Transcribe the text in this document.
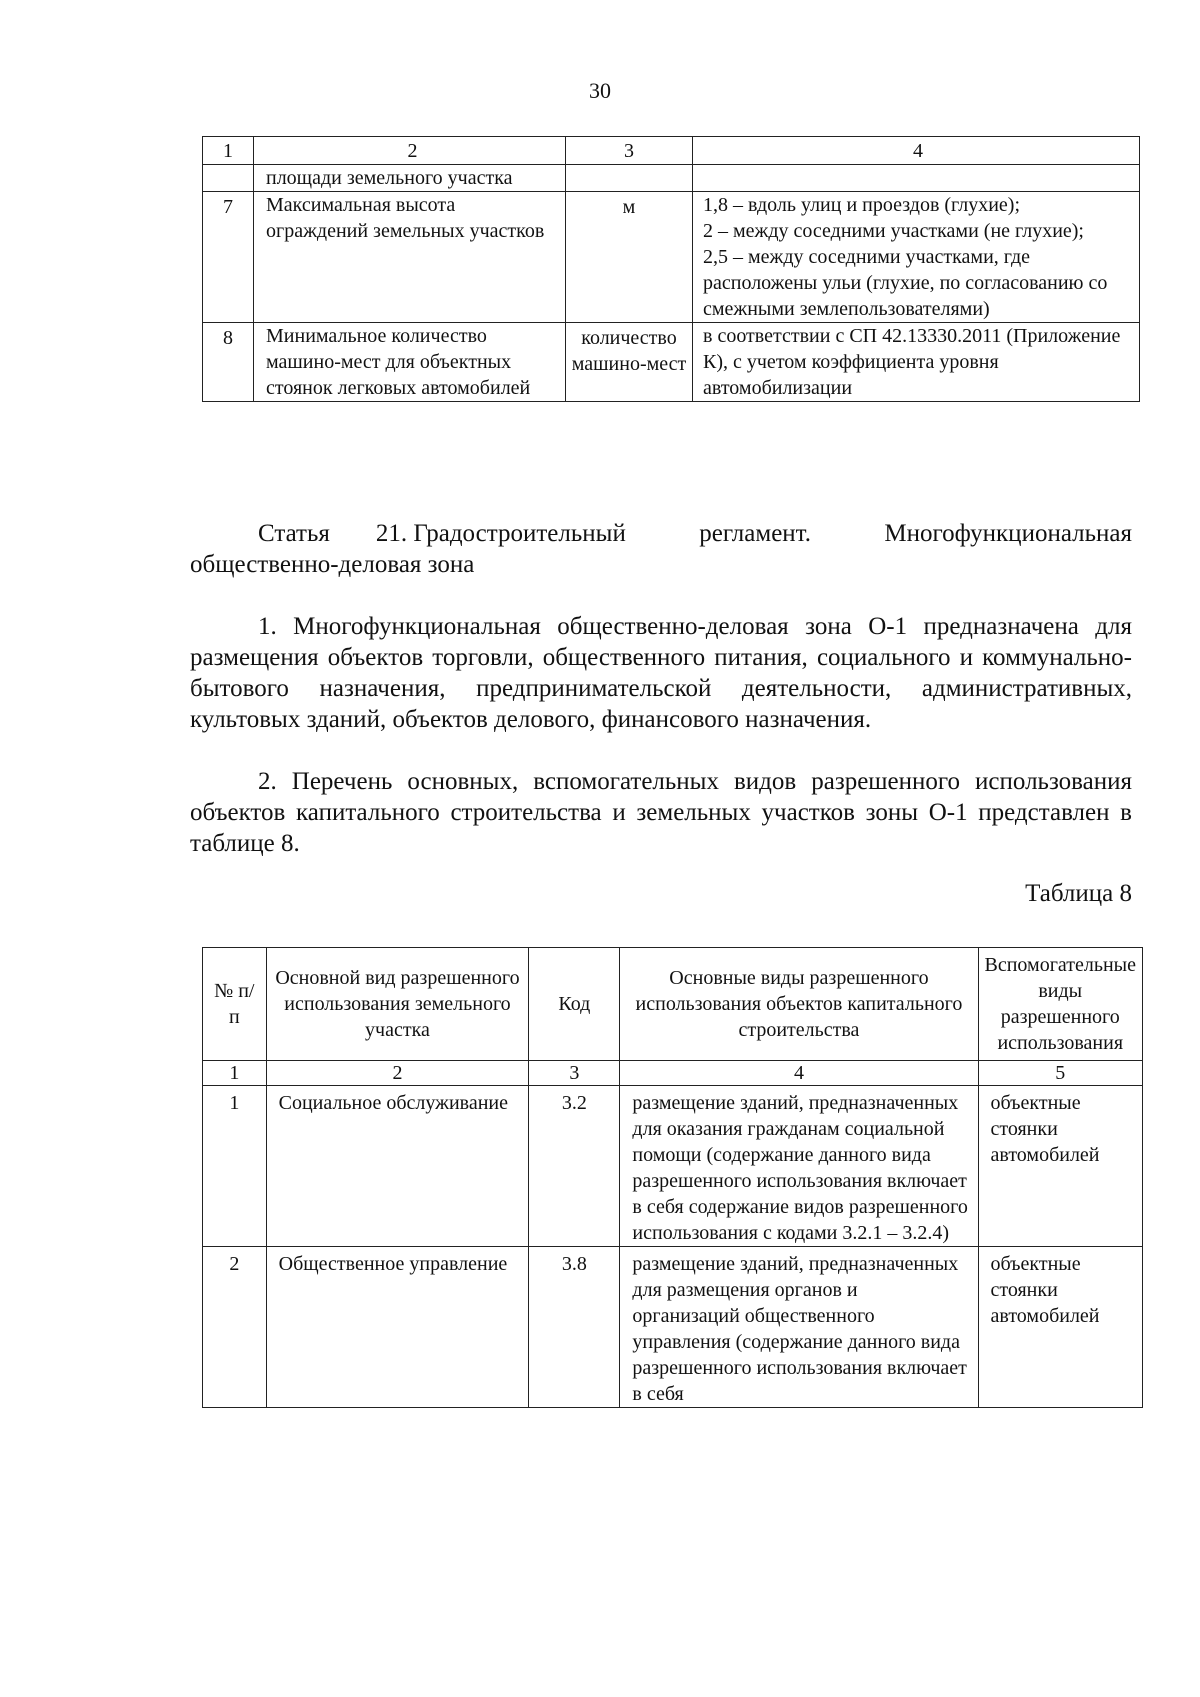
30
1	2	3	4
	площади земельного участка		
7	Максимальная высота ограждений земельных участков	м	1,8 – вдоль улиц и проездов (глухие);
2 – между соседними участками (не глухие);
2,5 – между соседними участками, где расположены ульи (глухие, по согласованию со смежными землепользователями)
8	Минимальное количество машино-мест для объектных стоянок легковых автомобилей	количество машино-мест	в соответствии с СП 42.13330.2011 (Приложение К), с учетом коэффициента уровня автомобилизации
Статья 21. Градостроительный	регламент.	Многофункциональная
общественно-деловая зона
1. Многофункциональная общественно-деловая зона О-1 предназначена для размещения объектов торговли, общественного питания, социального и коммунально-бытового назначения, предпринимательской деятельности, административных, культовых зданий, объектов делового, финансового назначения.
2. Перечень основных, вспомогательных видов разрешенного использования объектов капитального строительства и земельных участков зоны О-1 представлен в таблице 8.
Таблица 8
№ п/п	Основной вид разрешенного использования земельного участка	Код	Основные виды разрешенного использования объектов капитального строительства	Вспомогательные виды разрешенного использования
1	2	3	4	5
1	Социальное обслуживание	3.2	размещение зданий, предназначенных для оказания гражданам социальной помощи (содержание данного вида разрешенного использования включает в себя содержание видов разрешенного использования с кодами 3.2.1 – 3.2.4)	объектные стоянки автомобилей
2	Общественное управление	3.8	размещение зданий, предназначенных для размещения органов и организаций общественного управления (содержание данного вида разрешенного использования включает в себя	объектные стоянки автомобилей
